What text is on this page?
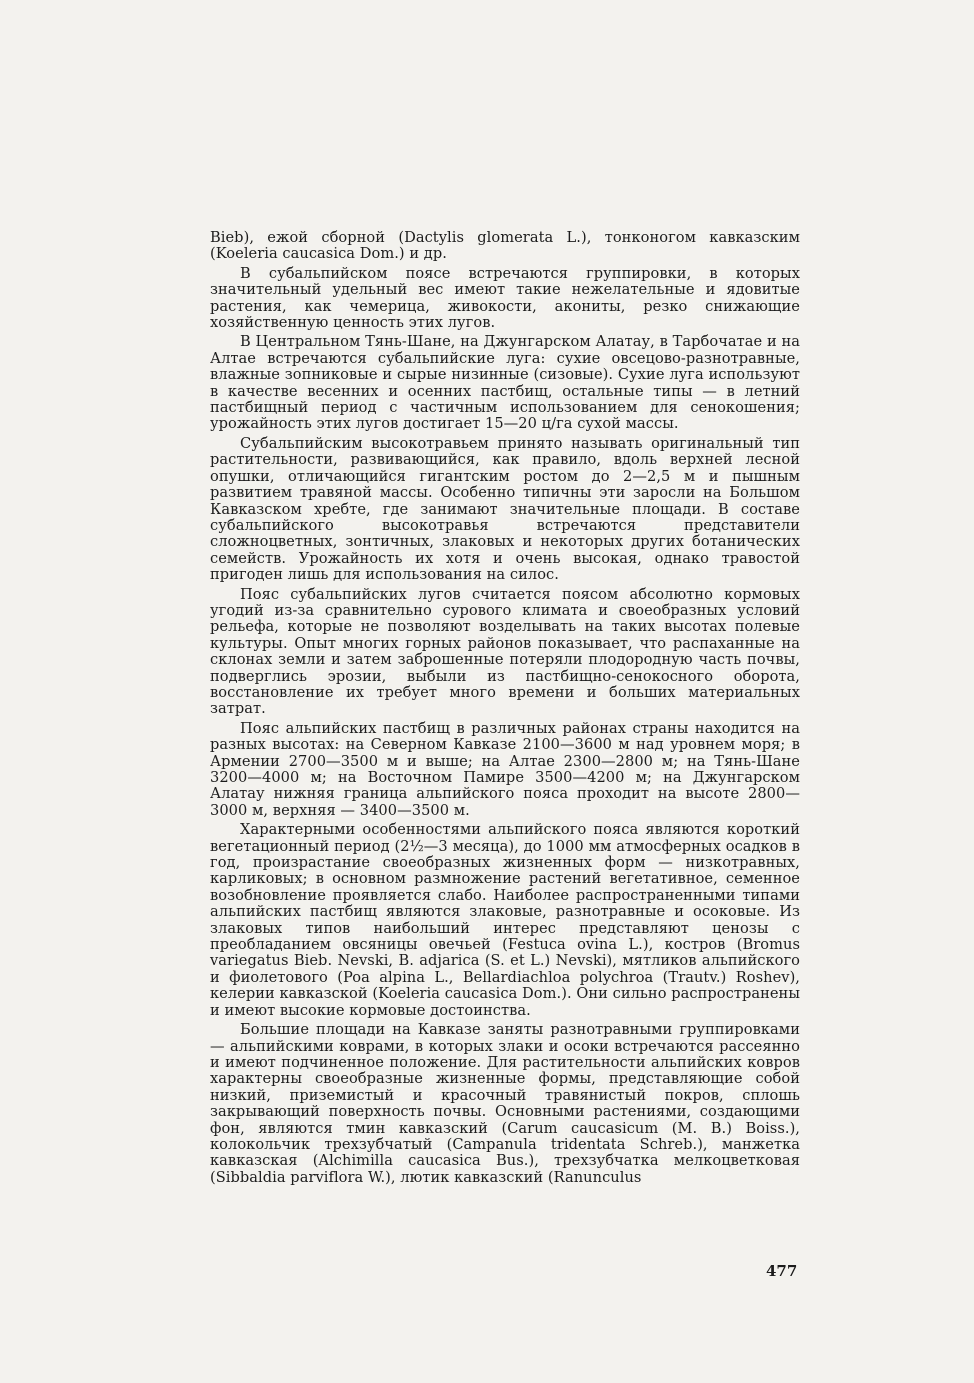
Bieb), ежой сборной (Dactylis glomerata L.), тонконогом кавказским (Koeleria caucasica Dom.) и др.

В субальпийском поясе встречаются группировки, в которых значительный удельный вес имеют такие нежелательные и ядовитые растения, как чемерица, живокости, акониты, резко снижающие хозяйственную ценность этих лугов.

В Центральном Тянь-Шане, на Джунгарском Алатау, в Тарбочатае и на Алтае встречаются субальпийские луга: сухие овсецово-разнотравные, влажные зопниковые и сырые низинные (сизовые). Сухие луга используют в качестве весенних и осенних пастбищ, остальные типы — в летний пастбищный период с частичным использованием для сенокошения; урожайность этих лугов достигает 15—20 ц/га сухой массы.

Субальпийским высокотравьем принято называть оригинальный тип растительности, развивающийся, как правило, вдоль верхней лесной опушки, отличающийся гигантским ростом до 2—2,5 м и пышным развитием травяной массы. Особенно типичны эти заросли на Большом Кавказском хребте, где занимают значительные площади. В составе субальпийского высокотравья встречаются представители сложноцветных, зонтичных, злаковых и некоторых других ботанических семейств. Урожайность их хотя и очень высокая, однако травостой пригоден лишь для использования на силос.

Пояс субальпийских лугов считается поясом абсолютно кормовых угодий из-за сравнительно сурового климата и своеобразных условий рельефа, которые не позволяют возделывать на таких высотах полевые культуры. Опыт многих горных районов показывает, что распаханные на склонах земли и затем заброшенные потеряли плодородную часть почвы, подверглись эрозии, выбыли из пастбищно-сенокосного оборота, восстановление их требует много времени и больших материальных затрат.

Пояс альпийских пастбищ в различных районах страны находится на разных высотах: на Северном Кавказе 2100—3600 м над уровнем моря; в Армении 2700—3500 м и выше; на Алтае 2300—2800 м; на Тянь-Шане 3200—4000 м; на Восточном Памире 3500—4200 м; на Джунгарском Алатау нижняя граница альпийского пояса проходит на высоте 2800—3000 м, верхняя — 3400—3500 м.

Характерными особенностями альпийского пояса являются короткий вегетационный период (2½—3 месяца), до 1000 мм атмосферных осадков в год, произрастание своеобразных жизненных форм — низкотравных, карликовых; в основном размножение растений вегетативное, семенное возобновление проявляется слабо. Наиболее распространенными типами альпийских пастбищ являются злаковые, разнотравные и осоковые. Из злаковых типов наибольший интерес представляют ценозы с преобладанием овсяницы овечьей (Festuca ovina L.), костров (Bromus variegatus Bieb. Nevski, B. adjarica (S. et L.) Nevski), мятликов альпийского и фиолетового (Poa alpina L., Bellardiachloa polychroa (Trautv.) Roshev), келерии кавказской (Koeleria caucasica Dom.). Они сильно распространены и имеют высокие кормовые достоинства.

Большие площади на Кавказе заняты разнотравными группировками — альпийскими коврами, в которых злаки и осоки встречаются рассеянно и имеют подчиненное положение. Для растительности альпийских ковров характерны своеобразные жизненные формы, представляющие собой низкий, приземистый и красочный травянистый покров, сплошь закрывающий поверхность почвы. Основными растениями, создающими фон, являются тмин кавказский (Carum caucasicum (M. B.) Boiss.), колокольчик трехзубчатый (Campanula tridentata Schreb.), манжетка кавказская (Alchimilla caucasica Bus.), трехзубчатка мелкоцветковая (Sibbaldia parviflora W.), лютик кавказский (Ranunculus

477
